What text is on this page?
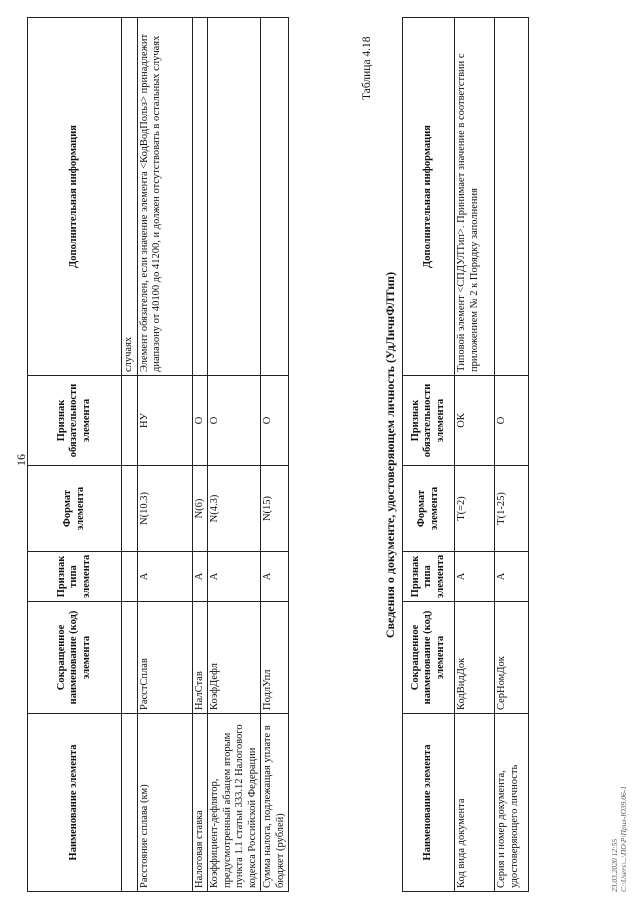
16
Наименование элемента	Сокращенное наименование (код) элемента	Признак типа элемента	Формат элемента	Признак обязательности элемента	Дополнительная информация
					случаях
Расстояние сплава (км)	РасстСплав	А	N(10.3)	НУ	Элемент обязателен, если значение элемента <КодВодПольз> принадлежит диапазону от 40100 до 41200, и должен отсутствовать в остальных случаях
Налоговая ставка	НалСтав	А	N(6)	О	
Коэффициент-дефлятор, предусмотренный абзацем вторым пункта 1.1 статьи 333.12 Налогового кодекса Российской Федерации	КоэфДефл	А	N(4.3)	О	
Сумма налога, подлежащая уплате в бюджет (рублей)	ПодлУпл	А	N(15)	О	
Таблица 4.18
Сведения о документе, удостоверяющем личность (УдЛичнФЛТип)
Наименование элемента	Сокращенное наименование (код) элемента	Признак типа элемента	Формат элемента	Признак обязательности элемента	Дополнительная информация
Код вида документа	КодВидДок	А	T(=2)	ОК	Типовой элемент <СПДУЛТип>. Принимает значение в соответствии с приложением № 2 к Порядку заполнения
Серия и номер документа, удостоверяющего личность	СерНомДок	А	T(1-25)	О	
23.03.2020 12:55 C:\Users\...\ПО\Р\Прил-Ю39.06-1
